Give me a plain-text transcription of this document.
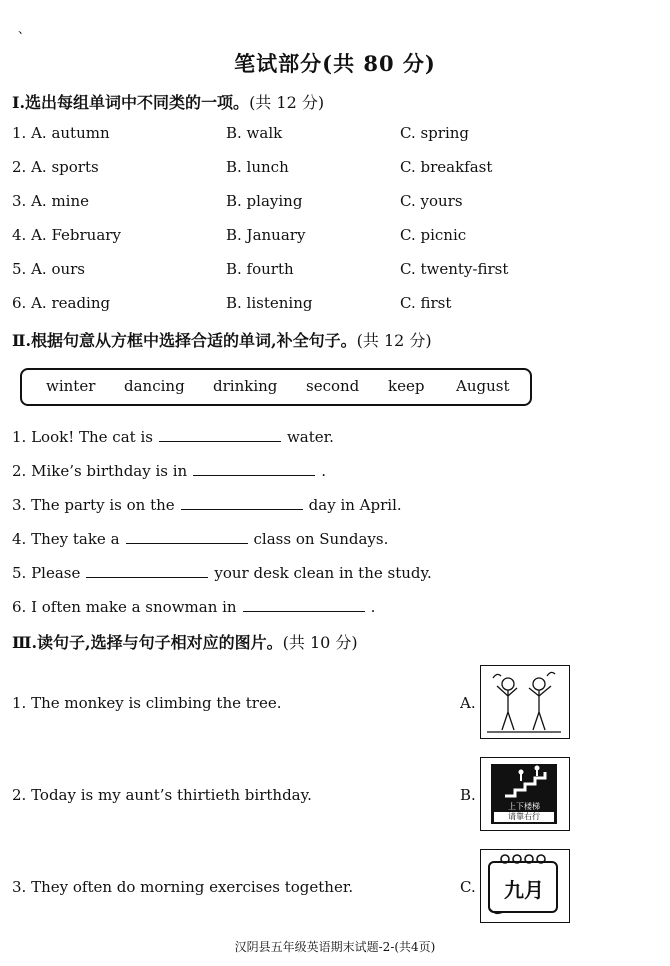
、
笔试部分(共 80 分)
Ⅰ.选出每组单词中不同类的一项。(共 12 分)
1. A. autumn	B. walk	C. spring
2. A. sports	B. lunch	C. breakfast
3. A. mine	B. playing	C. yours
4. A. February	B. January	C. picnic
5. A. ours	B. fourth	C. twenty-first
6. A. reading	B. listening	C. first
Ⅱ.根据句意从方框中选择合适的单词,补全句子。(共 12 分)
winter dancing drinking second keep August
1. Look! The cat is	water.
2. Mike’s birthday is in	.
3. The party is on the	day in April.
4. They take a	class on Sundays.
5. Please	your desk clean in the study.
6. I often make a snowman in	.
Ⅲ.读句子,选择与句子相对应的图片。(共 10 分)
1. The monkey is climbing the tree.
2. Today is my aunt’s thirtieth birthday.
3. They often do morning exercises together.
A.
B.
C.
上下楼梯
请靠右行
九月
汉阴县五年级英语期末试题-2-(共4页)
